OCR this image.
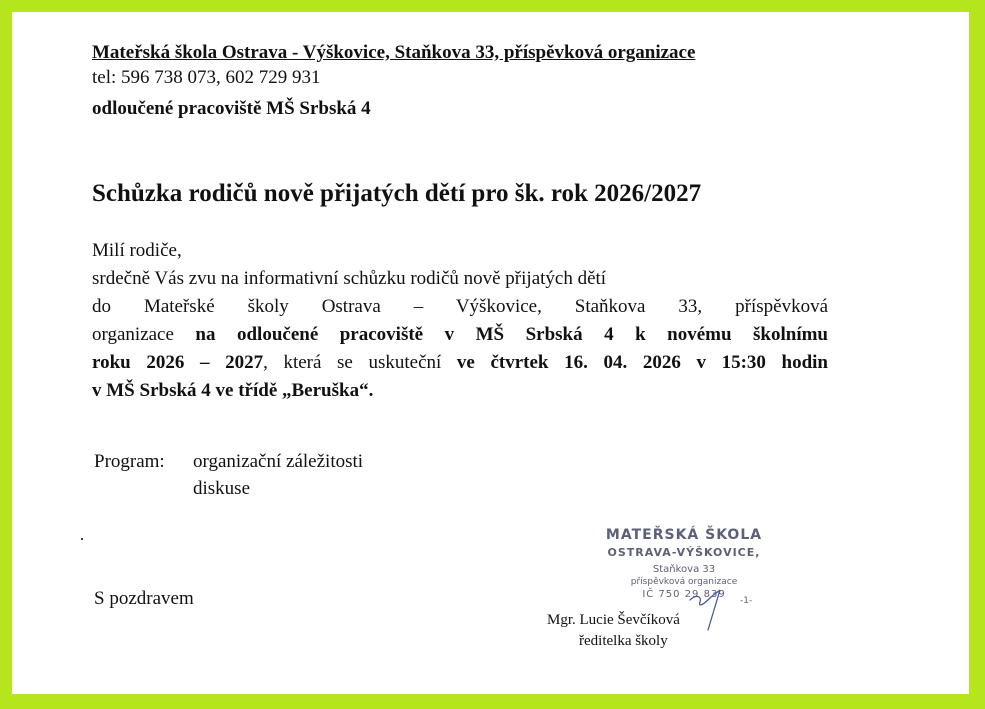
Mateřská škola Ostrava - Výškovice, Staňkova 33, příspěvková organizace
tel: 596 738 073, 602 729 931
odloučené pracoviště MŠ Srbská 4
Schůzka rodičů nově přijatých dětí pro šk. rok 2026/2027
Milí rodiče,
srdečně Vás zvu na informativní schůzku rodičů nově přijatých dětí
do Mateřské školy Ostrava – Výškovice, Staňkova 33, příspěvková
organizace na odloučené pracoviště v MŠ Srbská 4 k novému školnímu
roku 2026 – 2027, která se uskuteční ve čtvrtek 16. 04. 2026 v 15:30 hodin
v MŠ Srbská 4 ve třídě „Beruška“.
Program: organizační záležitosti
diskuse
S pozdravem
MATEŘSKÁ ŠKOLA
OSTRAVA-VÝŠKOVICE,
Staňkova 33
příspěvková organizace
IČ 750 29 839
-1-
Mgr. Lucie Ševčíková
ředitelka školy
